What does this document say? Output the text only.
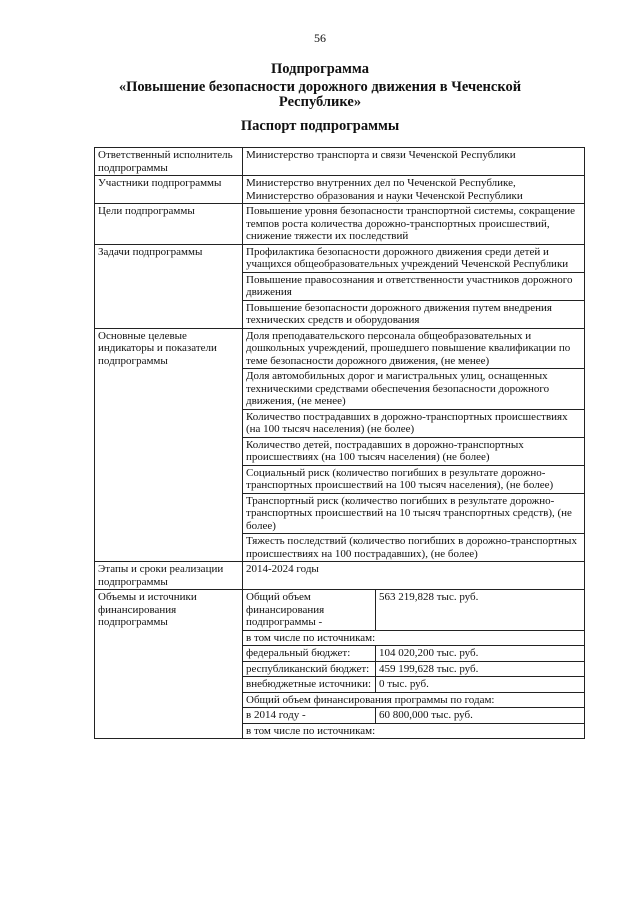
56
Подпрограмма
«Повышение безопасности дорожного движения в Чеченской
Республике»
Паспорт подпрограммы
Ответственный исполнитель подпрограммы	Министерство транспорта и связи Чеченской Республики	
Участники подпрограммы	Министерство внутренних дел по Чеченской Республике, Министерство образования и науки Чеченской Республики	
Цели подпрограммы	Повышение уровня безопасности транспортной системы, сокращение темпов роста количества дорожно-транспортных происшествий, снижение тяжести их последствий	
Задачи подпрограммы	Профилактика безопасности дорожного движения среди детей и учащихся общеобразовательных учреждений Чеченской Республики	
	Повышение правосознания и ответственности участников дорожного движения	
	Повышение безопасности дорожного движения путем внедрения технических средств и оборудования	
Основные целевые индикаторы и показатели подпрограммы	Доля преподавательского персонала общеобразовательных и дошкольных учреждений, прошедшего повышение квалификации по теме безопасности дорожного движения, (не менее)	
	Доля автомобильных дорог и магистральных улиц, оснащенных техническими средствами обеспечения безопасности дорожного движения, (не менее)	
	Количество пострадавших в дорожно-транспортных происшествиях (на 100 тысяч населения) (не более)	
	Количество детей, пострадавших в дорожно-транспортных происшествиях (на 100 тысяч населения) (не более)	
	Социальный риск (количество погибших в результате дорожно-транспортных происшествий на 100 тысяч населения), (не более)	
	Транспортный риск (количество погибших в результате дорожно-транспортных происшествий на 10 тысяч транспортных средств), (не более)	
	Тяжесть последствий (количество погибших в дорожно-транспортных происшествиях на 100 пострадавших), (не более)	
Этапы и сроки реализации подпрограммы	2014-2024 годы	
Объемы и источники финансирования подпрограммы	Общий объем финансирования подпрограммы -	563 219,828 тыс. руб.
	в том числе по источникам:	
	федеральный бюджет:	104 020,200 тыс. руб.
	республиканский бюджет:	459 199,628 тыс. руб.
	внебюджетные источники:	0 тыс. руб.
	Общий объем финансирования программы по годам:	
	в 2014 году -	60 800,000 тыс. руб.
	в том числе по источникам:	
